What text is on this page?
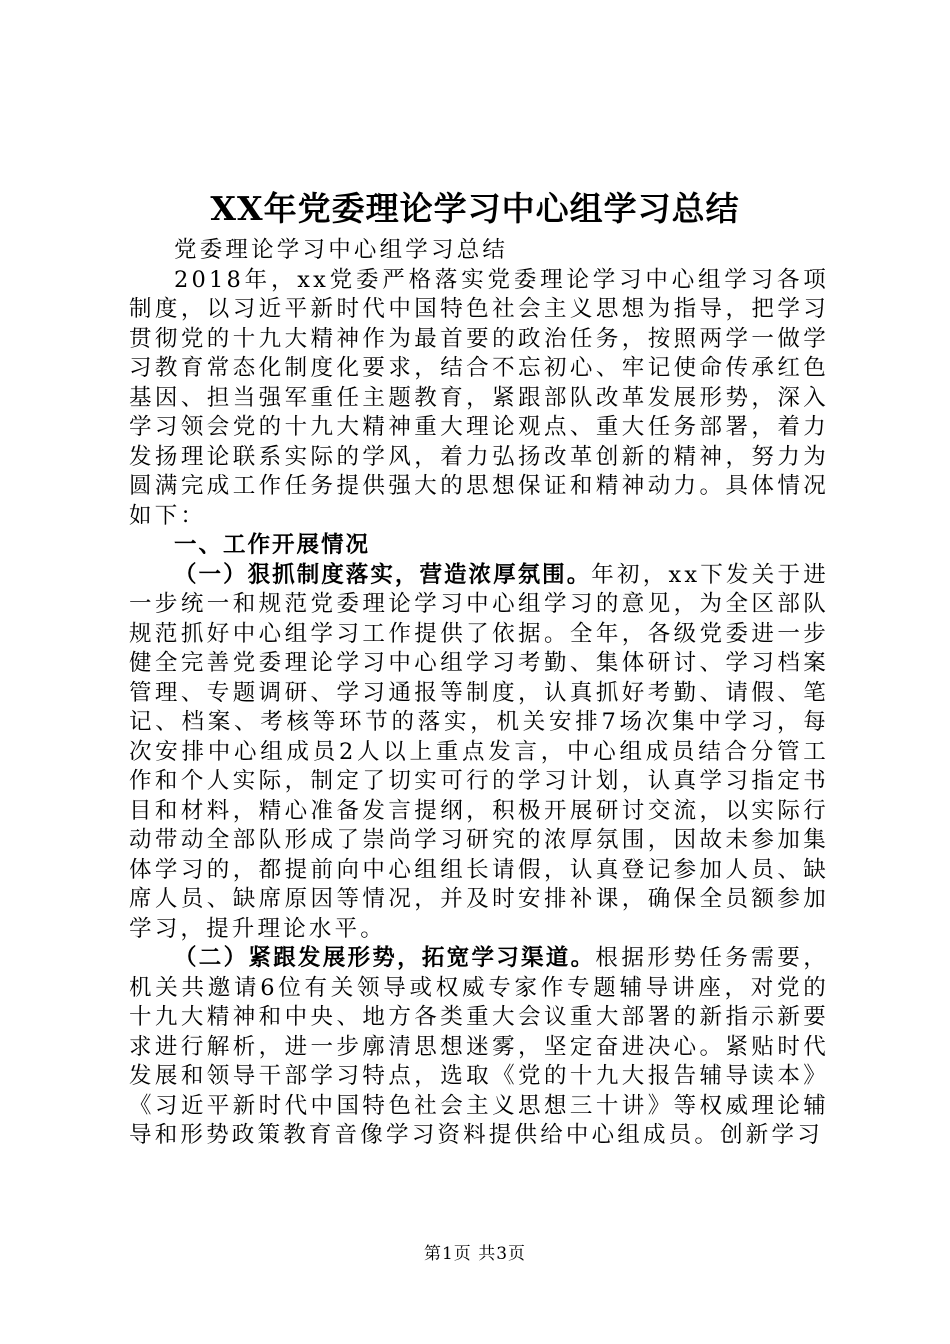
XX年党委理论学习中心组学习总结

党委理论学习中心组学习总结

2018年，xx党委严格落实党委理论学习中心组学习各项制度，以习近平新时代中国特色社会主义思想为指导，把学习贯彻党的十九大精神作为最首要的政治任务，按照两学一做学习教育常态化制度化要求，结合不忘初心、牢记使命传承红色基因、担当强军重任主题教育，紧跟部队改革发展形势，深入学习领会党的十九大精神重大理论观点、重大任务部署，着力发扬理论联系实际的学风，着力弘扬改革创新的精神，努力为圆满完成工作任务提供强大的思想保证和精神动力。具体情况如下：

一、工作开展情况

（一）狠抓制度落实，营造浓厚氛围。年初，xx下发关于进一步统一和规范党委理论学习中心组学习的意见，为全区部队规范抓好中心组学习工作提供了依据。全年，各级党委进一步健全完善党委理论学习中心组学习考勤、集体研讨、学习档案管理、专题调研、学习通报等制度，认真抓好考勤、请假、笔记、档案、考核等环节的落实，机关安排7场次集中学习，每次安排中心组成员2人以上重点发言，中心组成员结合分管工作和个人实际，制定了切实可行的学习计划，认真学习指定书目和材料，精心准备发言提纲，积极开展研讨交流，以实际行动带动全部队形成了崇尚学习研究的浓厚氛围，因故未参加集体学习的，都提前向中心组组长请假，认真登记参加人员、缺席人员、缺席原因等情况，并及时安排补课，确保全员额参加学习，提升理论水平。

（二）紧跟发展形势，拓宽学习渠道。根据形势任务需要，机关共邀请6位有关领导或权威专家作专题辅导讲座，对党的十九大精神和中央、地方各类重大会议重大部署的新指示新要求进行解析，进一步廓清思想迷雾，坚定奋进决心。紧贴时代发展和领导干部学习特点，选取《党的十九大报告辅导读本》《习近平新时代中国特色社会主义思想三十讲》等权威理论辅导和形势政策教育音像学习资料提供给中心组成员。创新学习

第1页 共3页
